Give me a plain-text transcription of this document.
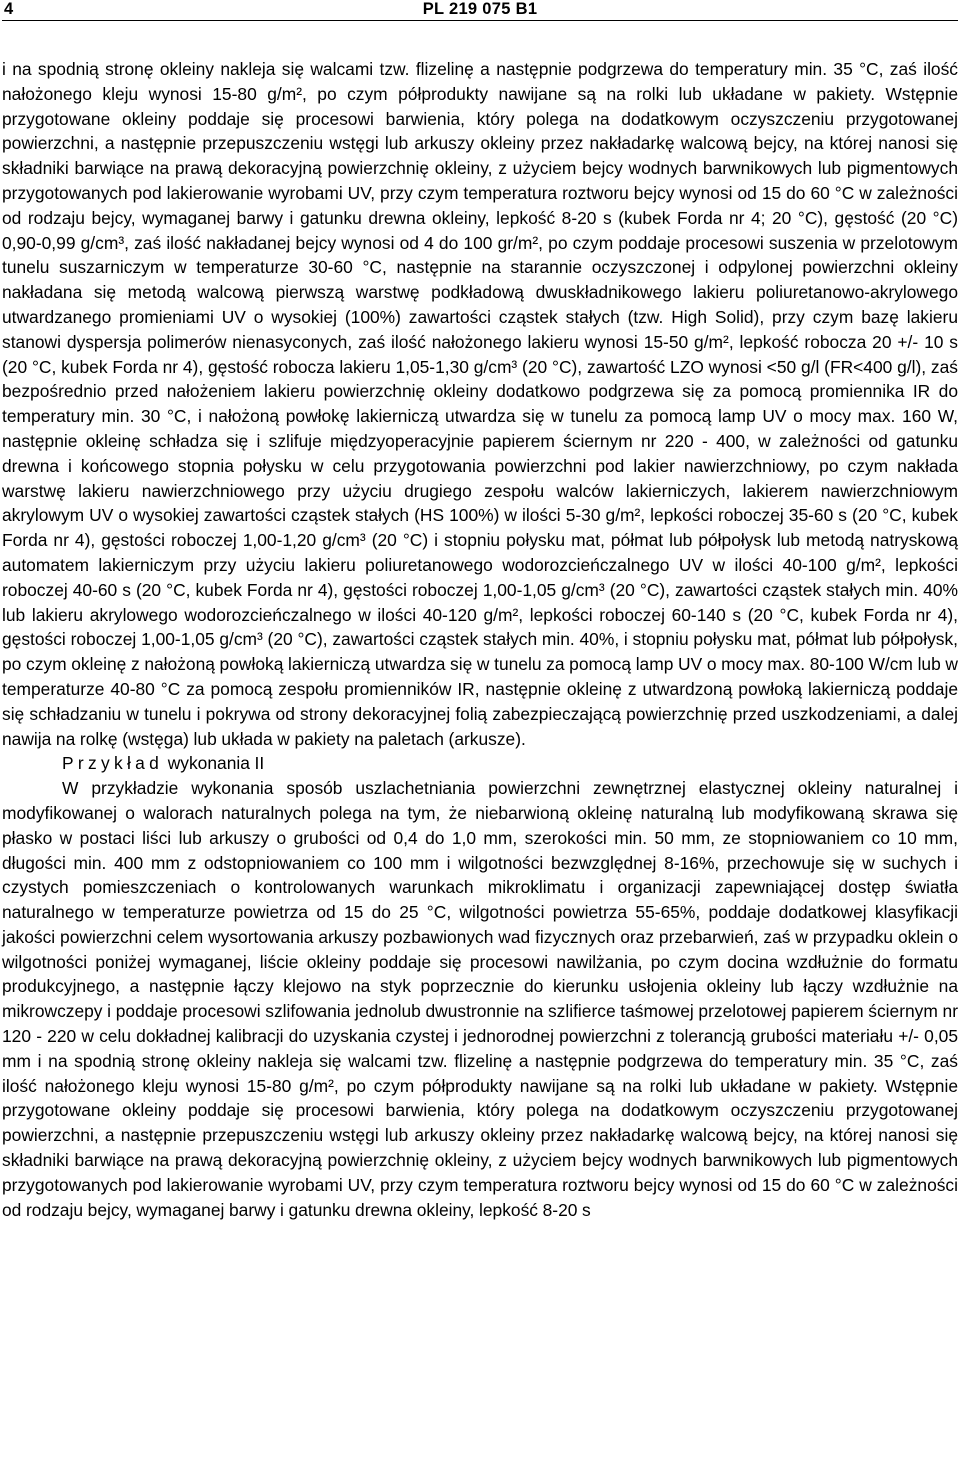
4	PL 219 075 B1

i na spodnią stronę okleiny nakleja się walcami tzw. flizelinę a następnie podgrzewa do temperatury min. 35 °C, zaś ilość nałożonego kleju wynosi 15-80 g/m², po czym półprodukty nawijane są na rolki lub układane w pakiety. Wstępnie przygotowane okleiny poddaje się procesowi barwienia, który polega na dodatkowym oczyszczeniu przygotowanej powierzchni, a następnie przepuszczeniu wstęgi lub arkuszy okleiny przez nakładarkę walcową bejcy, na której nanosi się składniki barwiące na prawą dekoracyjną powierzchnię okleiny, z użyciem bejcy wodnych barwnikowych lub pigmentowych przygotowanych pod lakierowanie wyrobami UV, przy czym temperatura roztworu bejcy wynosi od 15 do 60 °C w zależności od rodzaju bejcy, wymaganej barwy i gatunku drewna okleiny, lepkość 8-20 s (kubek Forda nr 4; 20 °C), gęstość (20 °C) 0,90-0,99 g/cm³, zaś ilość nakładanej bejcy wynosi od 4 do 100 gr/m², po czym poddaje procesowi suszenia w przelotowym tunelu suszarniczym w temperaturze 30-60 °C, następnie na starannie oczyszczonej i odpylonej powierzchni okleiny nakładana się metodą walcową pierwszą warstwę podkładową dwuskładnikowego lakieru poliuretanowo-akrylowego utwardzanego promieniami UV o wysokiej (100%) zawartości cząstek stałych (tzw. High Solid), przy czym bazę lakieru stanowi dyspersja polimerów nienasyconych, zaś ilość nałożonego lakieru wynosi 15-50 g/m², lepkość robocza 20 +/- 10 s (20 °C, kubek Forda nr 4), gęstość robocza lakieru 1,05-1,30 g/cm³ (20 °C), zawartość LZO wynosi <50 g/l (FR<400 g/l), zaś bezpośrednio przed nałożeniem lakieru powierzchnię okleiny dodatkowo podgrzewa się za pomocą promiennika IR do temperatury min. 30 °C, i nałożoną powłokę lakierniczą utwardza się w tunelu za pomocą lamp UV o mocy max. 160 W, następnie okleinę schładza się i szlifuje międzyoperacyjnie papierem ściernym nr 220 - 400, w zależności od gatunku drewna i końcowego stopnia połysku w celu przygotowania powierzchni pod lakier nawierzchniowy, po czym nakłada warstwę lakieru nawierzchniowego przy użyciu drugiego zespołu walców lakierniczych, lakierem nawierzchniowym akrylowym UV o wysokiej zawartości cząstek stałych (HS 100%) w ilości 5-30 g/m², lepkości roboczej 35-60 s (20 °C, kubek Forda nr 4), gęstości roboczej 1,00-1,20 g/cm³ (20 °C) i stopniu połysku mat, półmat lub półpołysk lub metodą natryskową automatem lakierniczym przy użyciu lakieru poliuretanowego wodorozcieńczalnego UV w ilości 40-100 g/m², lepkości roboczej 40-60 s (20 °C, kubek Forda nr 4), gęstości roboczej 1,00-1,05 g/cm³ (20 °C), zawartości cząstek stałych min. 40% lub lakieru akrylowego wodorozcieńczalnego w ilości 40-120 g/m², lepkości roboczej 60-140 s (20 °C, kubek Forda nr 4), gęstości roboczej 1,00-1,05 g/cm³ (20 °C), zawartości cząstek stałych min. 40%, i stopniu połysku mat, półmat lub półpołysk, po czym okleinę z nałożoną powłoką lakierniczą utwardza się w tunelu za pomocą lamp UV o mocy max. 80-100 W/cm lub w temperaturze 40-80 °C za pomocą zespołu promienników IR, następnie okleinę z utwardzoną powłoką lakierniczą poddaje się schładzaniu w tunelu i pokrywa od strony dekoracyjnej folią zabezpieczającą powierzchnię przed uszkodzeniami, a dalej nawija na rolkę (wstęga) lub układa w pakiety na paletach (arkusze).

Przykład wykonania II

W przykładzie wykonania sposób uszlachetniania powierzchni zewnętrznej elastycznej okleiny naturalnej i modyfikowanej o walorach naturalnych polega na tym, że niebarwioną okleinę naturalną lub modyfikowaną skrawa się płasko w postaci liści lub arkuszy o grubości od 0,4 do 1,0 mm, szerokości min. 50 mm, ze stopniowaniem co 10 mm, długości min. 400 mm z odstopniowaniem co 100 mm i wilgotności bezwzględnej 8-16%, przechowuje się w suchych i czystych pomieszczeniach o kontrolowanych warunkach mikroklimatu i organizacji zapewniającej dostęp światła naturalnego w temperaturze powietrza od 15 do 25 °C, wilgotności powietrza 55-65%, poddaje dodatkowej klasyfikacji jakości powierzchni celem wysortowania arkuszy pozbawionych wad fizycznych oraz przebarwień, zaś w przypadku oklein o wilgotności poniżej wymaganej, liście okleiny poddaje się procesowi nawilżania, po czym docina wzdłużnie do formatu produkcyjnego, a następnie łączy klejowo na styk poprzecznie do kierunku usłojenia okleiny lub łączy wzdłużnie na mikrowczepy i poddaje procesowi szlifowania jednolub dwustronnie na szlifierce taśmowej przelotowej papierem ściernym nr 120 - 220 w celu dokładnej kalibracji do uzyskania czystej i jednorodnej powierzchni z tolerancją grubości materiału +/- 0,05 mm i na spodnią stronę okleiny nakleja się walcami tzw. flizelinę a następnie podgrzewa do temperatury min. 35 °C, zaś ilość nałożonego kleju wynosi 15-80 g/m², po czym półprodukty nawijane są na rolki lub układane w pakiety. Wstępnie przygotowane okleiny poddaje się procesowi barwienia, który polega na dodatkowym oczyszczeniu przygotowanej powierzchni, a następnie przepuszczeniu wstęgi lub arkuszy okleiny przez nakładarkę walcową bejcy, na której nanosi się składniki barwiące na prawą dekoracyjną powierzchnię okleiny, z użyciem bejcy wodnych barwnikowych lub pigmentowych przygotowanych pod lakierowanie wyrobami UV, przy czym temperatura roztworu bejcy wynosi od 15 do 60 °C w zależności od rodzaju bejcy, wymaganej barwy i gatunku drewna okleiny, lepkość 8-20 s
